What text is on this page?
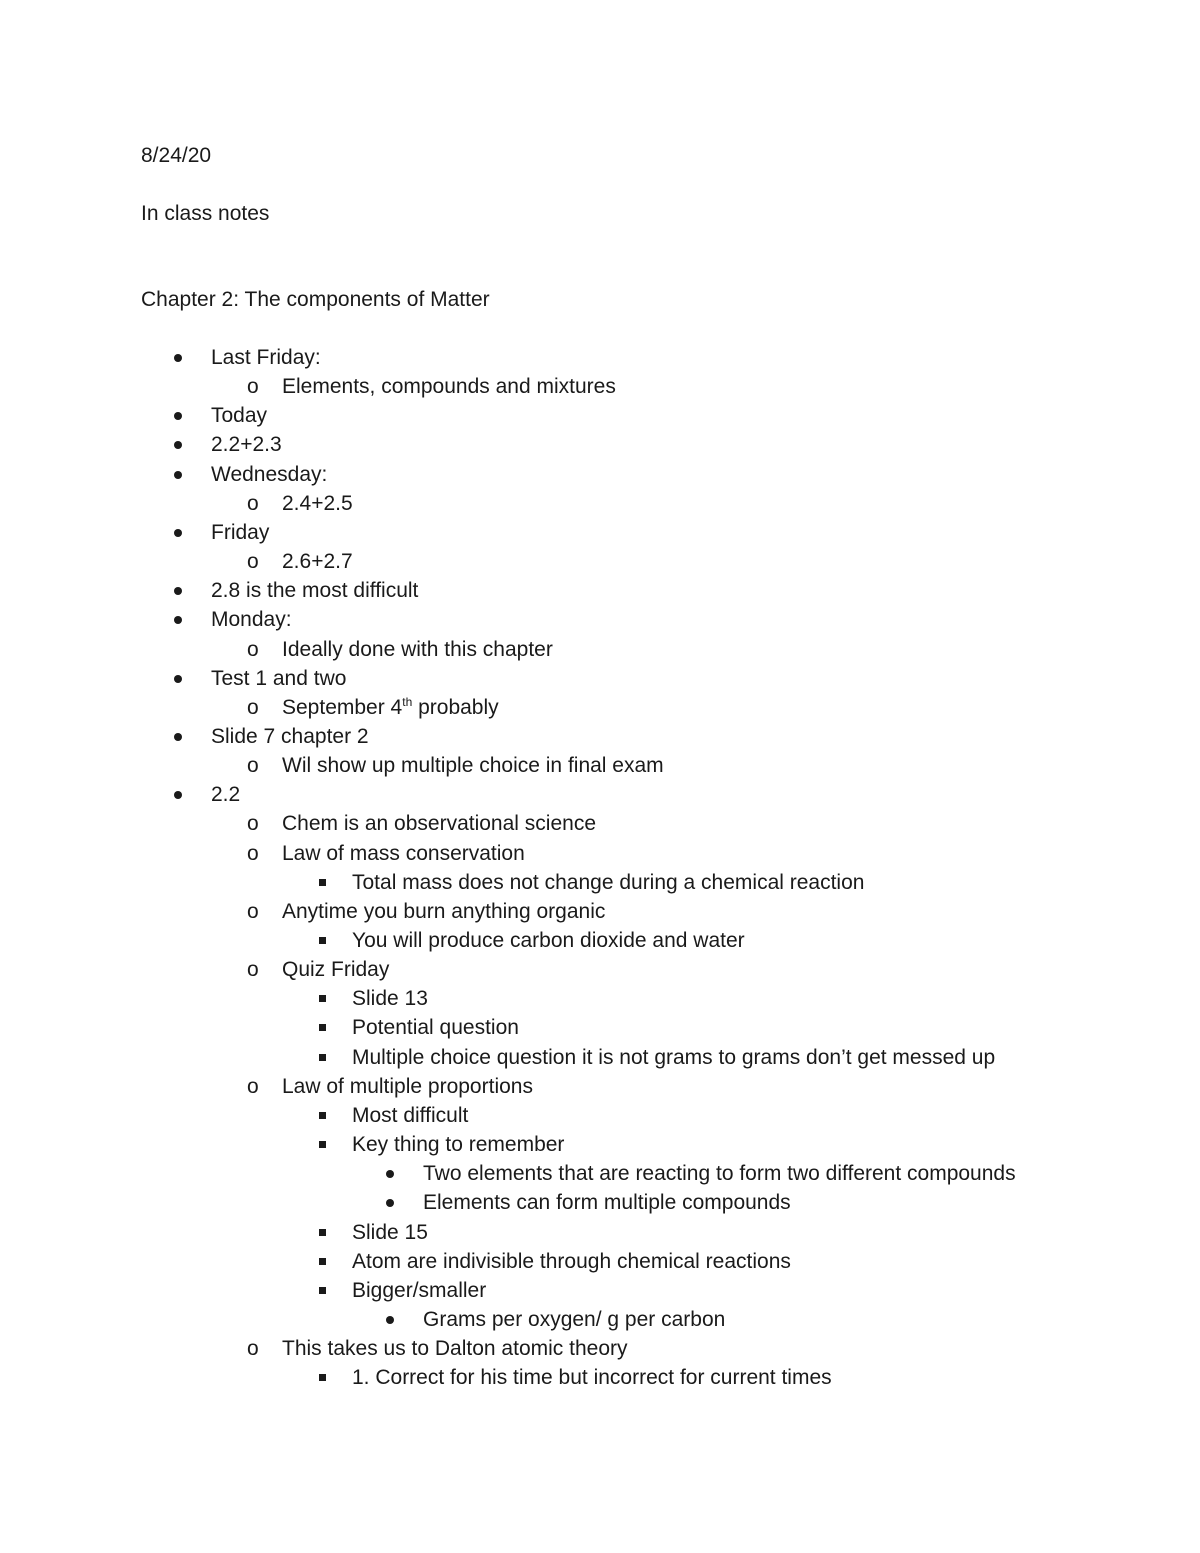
8/24/20
In class notes
Chapter 2: The components of Matter
Last Friday:
o Elements, compounds and mixtures
Today
2.2+2.3
Wednesday:
o 2.4+2.5
Friday
o 2.6+2.7
2.8 is the most difficult
Monday:
o Ideally done with this chapter
Test 1 and two
o September 4th probably
Slide 7 chapter 2
o Wil show up multiple choice in final exam
2.2
o Chem is an observational science
o Law of mass conservation
Total mass does not change during a chemical reaction
o Anytime you burn anything organic
You will produce carbon dioxide and water
o Quiz Friday
Slide 13
Potential question
Multiple choice question it is not grams to grams don’t get messed up
o Law of multiple proportions
Most difficult
Key thing to remember
Two elements that are reacting to form two different compounds
Elements can form multiple compounds
Slide 15
Atom are indivisible through chemical reactions
Bigger/smaller
Grams per oxygen/ g per carbon
o This takes us to Dalton atomic theory
1. Correct for his time but incorrect for current times
